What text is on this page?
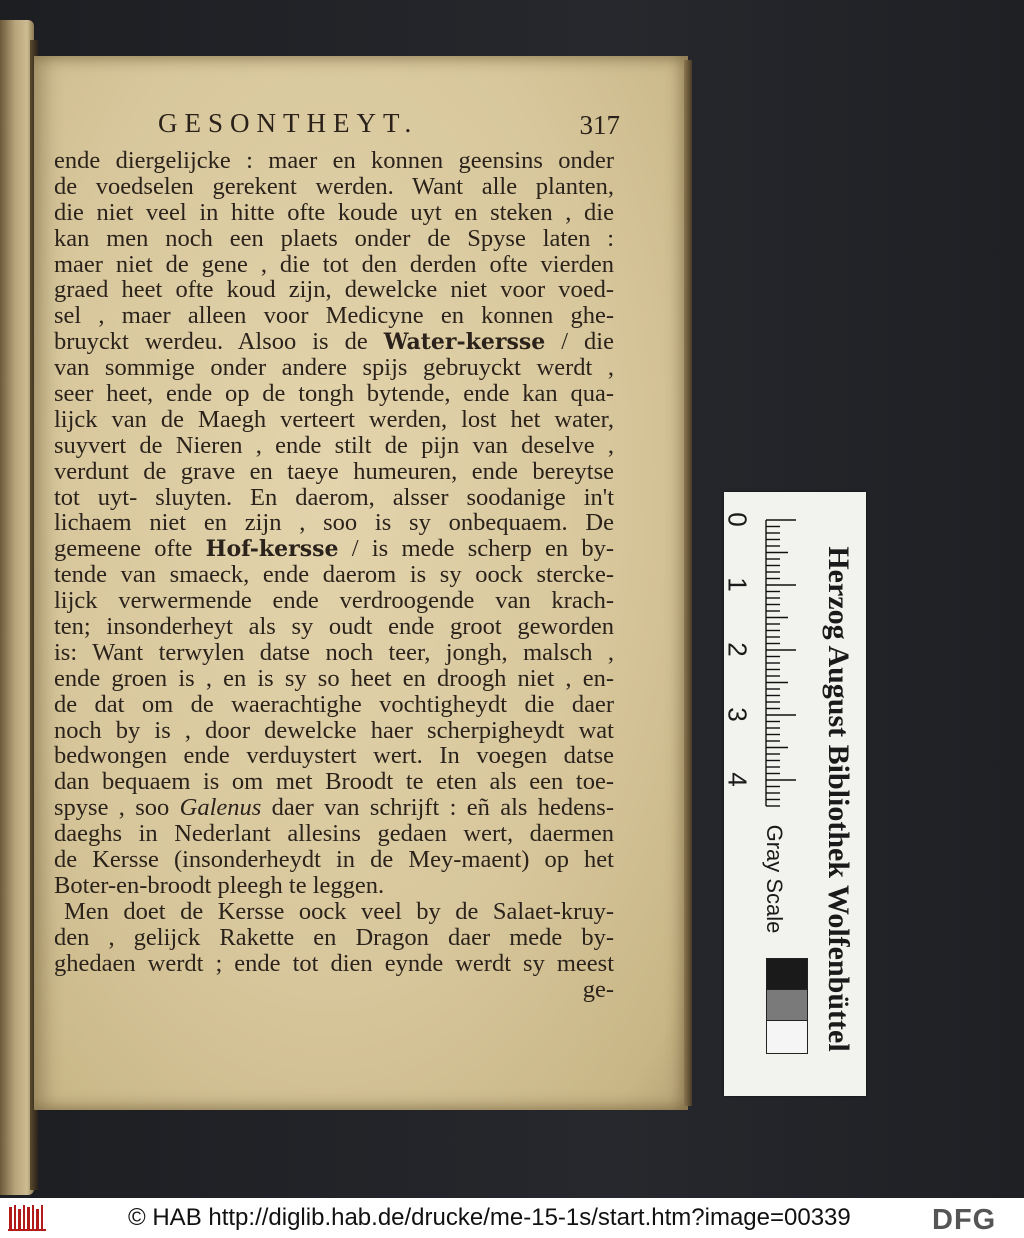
GESONTHEYT.	317
ende diergelijcke : maer en konnen geensins onder
de voedselen gerekent werden. Want alle planten,
die niet veel in hitte ofte koude uyt en steken , die
kan men noch een plaets onder de Spyse laten :
maer niet de gene , die tot den derden ofte vierden
graed heet ofte koud zijn, dewelcke niet voor voed-
sel , maer alleen voor Medicyne en konnen ghe-
bruyckt werdeu. Alsoo is de Water-kersse / die
van sommige onder andere spijs gebruyckt werdt ,
seer heet, ende op de tongh bytende, ende kan qua-
lijck van de Maegh verteert werden, lost het water,
suyvert de Nieren , ende stilt de pijn van deselve ,
verdunt de grave en taeye humeuren, ende bereytse
tot uyt- sluyten. En daerom, alsser soodanige in't
lichaem niet en zijn , soo is sy onbequaem. De
gemeene ofte Hof-kersse / is mede scherp en by-
tende van smaeck, ende daerom is sy oock stercke-
lijck verwermende ende verdroogende van krach-
ten; insonderheyt als sy oudt ende groot geworden
is: Want terwylen datse noch teer, jongh, malsch ,
ende groen is , en is sy so heet en droogh niet , en-
de dat om de waerachtighe vochtigheydt die daer
noch by is , door dewelcke haer scherpigheydt wat
bedwongen ende verduystert wert. In voegen datse
dan bequaem is om met Broodt te eten als een toe-
spyse , soo Galenus daer van schrijft : eñ als hedens-
daeghs in Nederlant allesins gedaen wert, daermen
de Kersse (insonderheydt in de Mey-maent) op het
Boter-en-broodt pleegh te leggen.
Men doet de Kersse oock veel by de Salaet-kruy-
den , gelijck Rakette en Dragon daer mede by-
ghedaen werdt ; ende tot dien eynde werdt sy meest
ge-
0
1
2
3
4 Herzog August Bibliothek Wolfenbüttel
Gray Scale
© HAB http://diglib.hab.de/drucke/me-15-1s/start.htm?image=00339	DFG
